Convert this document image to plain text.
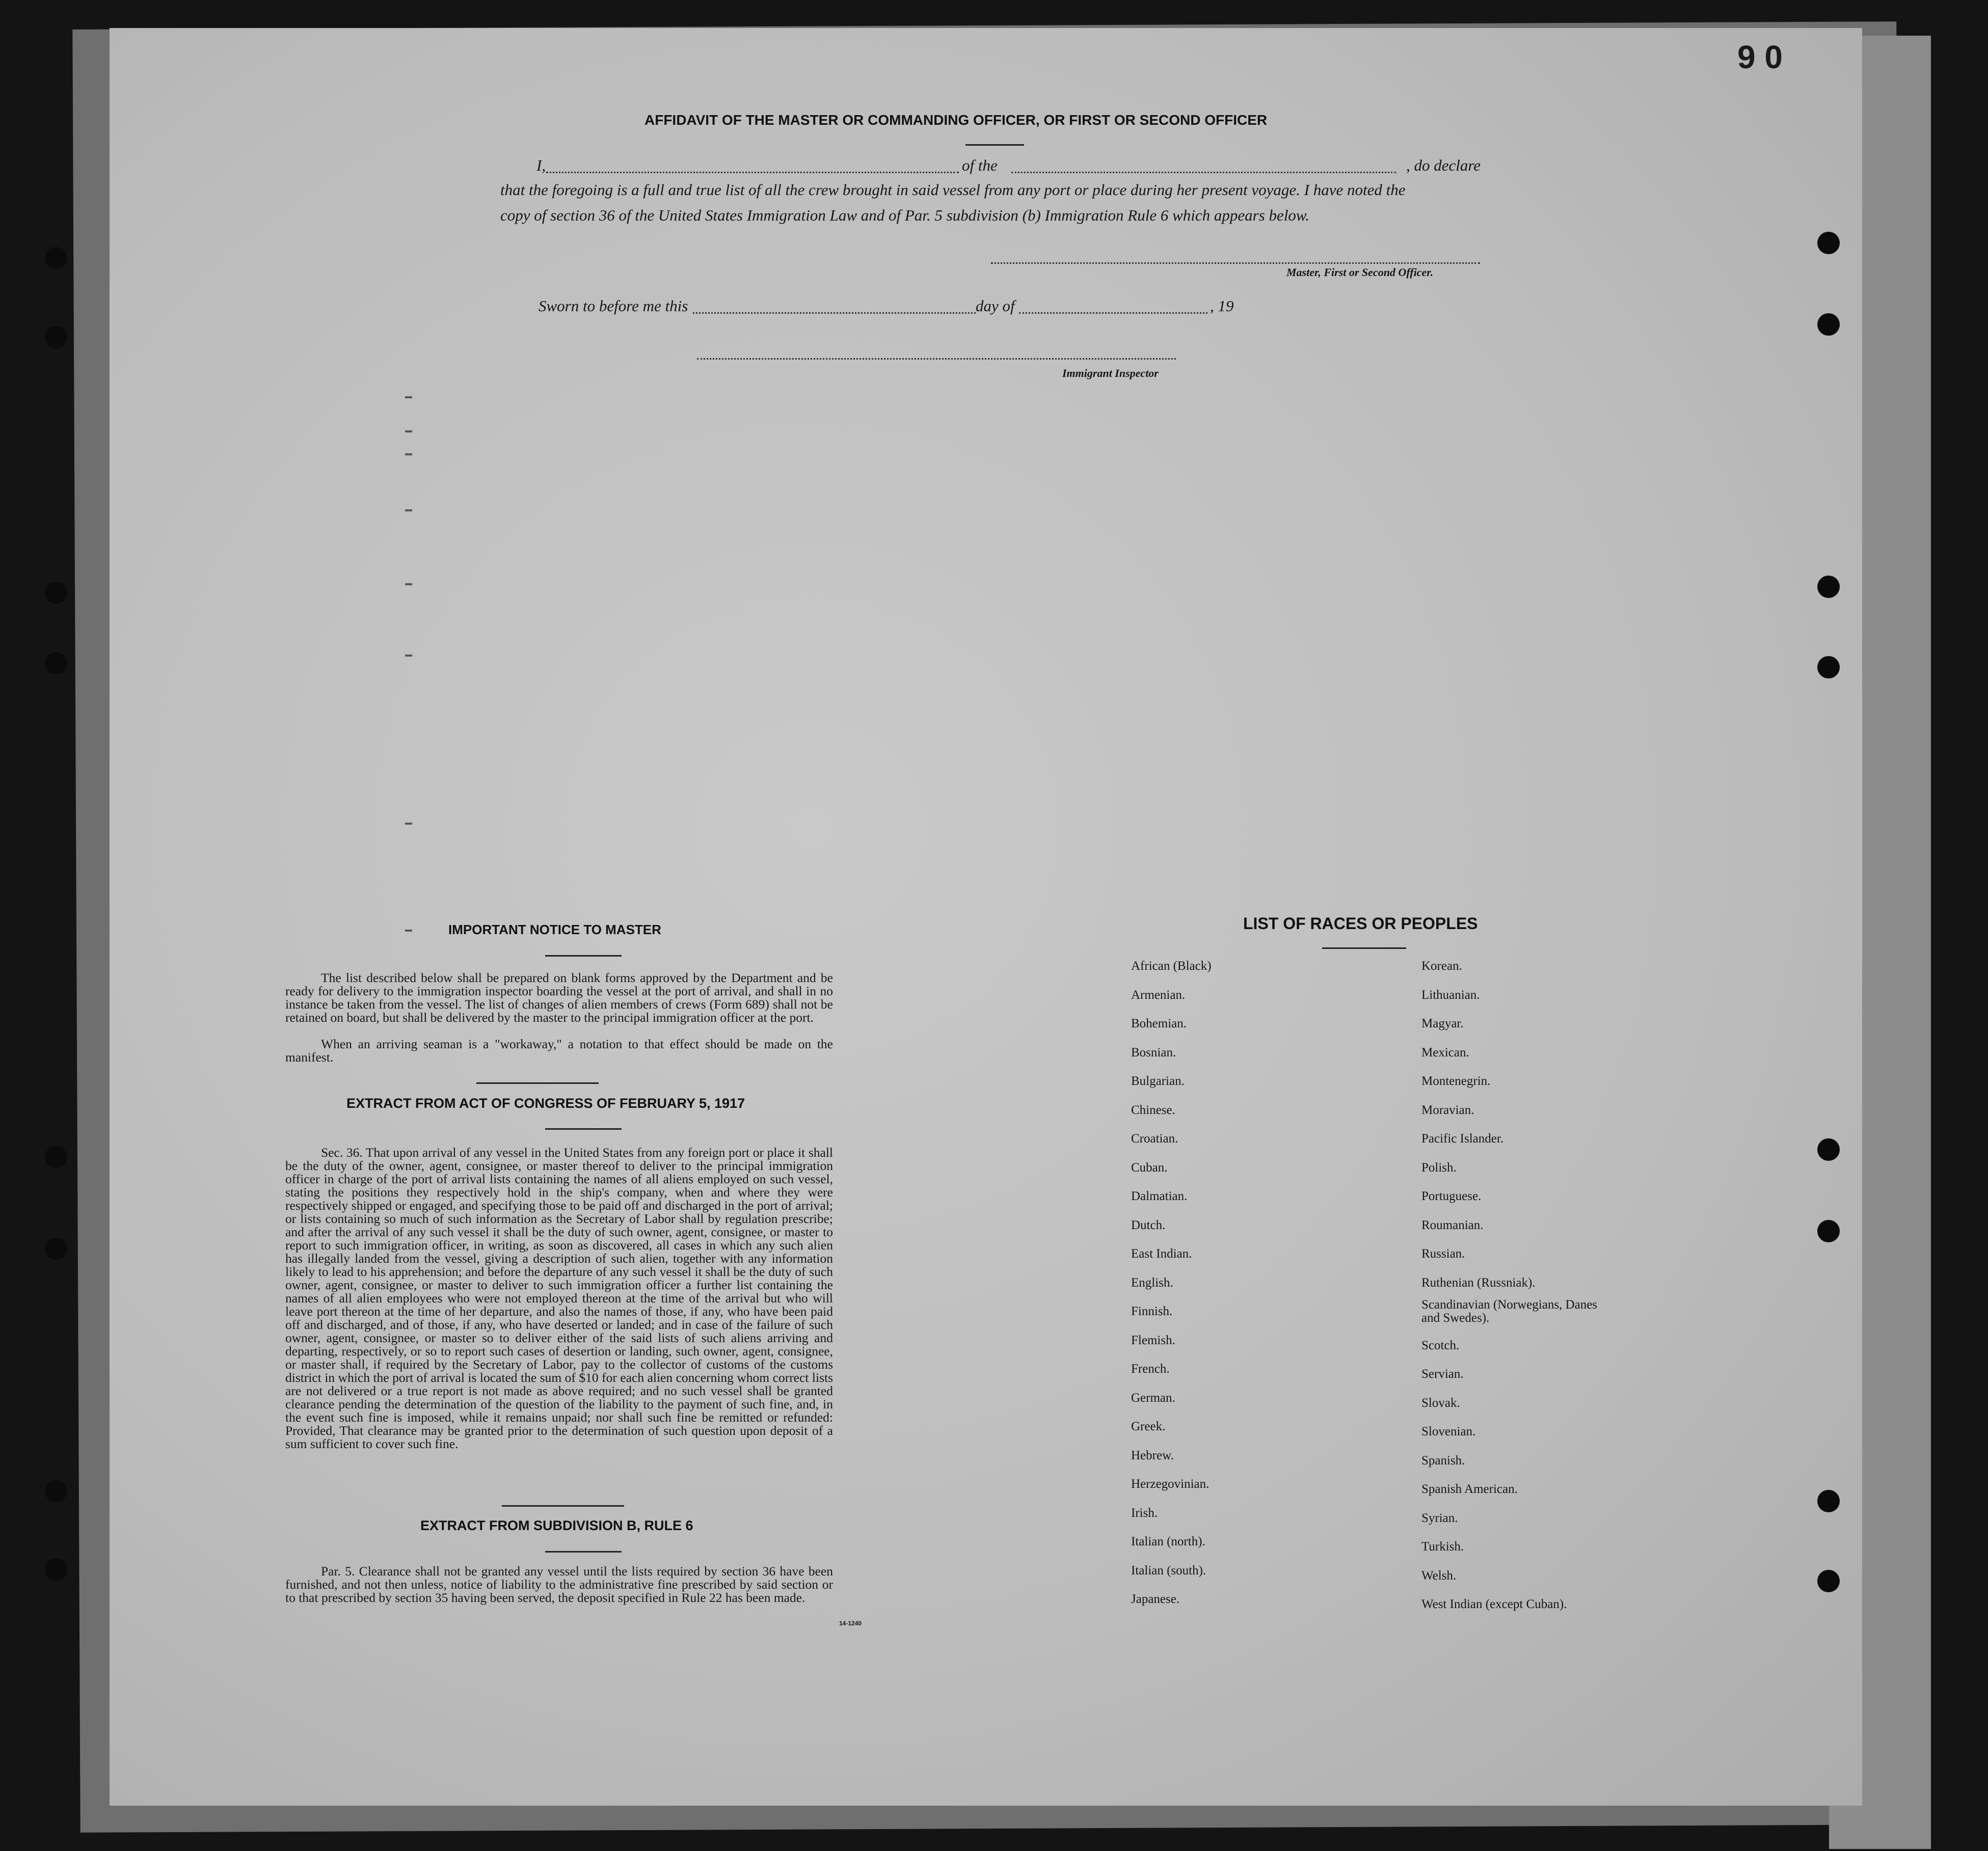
9 0
AFFIDAVIT OF THE MASTER OR COMMANDING OFFICER, OR FIRST OR SECOND OFFICER
I,	of the	, do declare
that the foregoing is a full and true list of all the crew brought in said vessel from any port or place during her present voyage. I have noted the
copy of section 36 of the United States Immigration Law and of Par. 5 subdivision (b) Immigration Rule 6 which appears below.
Master, First or Second Officer.
Sworn to before me this	day of	, 19
Immigrant Inspector
IMPORTANT NOTICE TO MASTER

The list described below shall be prepared on blank forms approved by the Department and be ready for delivery to the immigration inspector boarding the vessel at the port of arrival, and shall in no instance be taken from the vessel. The list of changes of alien members of crews (Form 689) shall not be retained on board, but shall be delivered by the master to the principal immigration officer at the port.

When an arriving seaman is a "workaway," a notation to that effect should be made on the manifest.

EXTRACT FROM ACT OF CONGRESS OF FEBRUARY 5, 1917

Sec. 36. That upon arrival of any vessel in the United States from any foreign port or place it shall be the duty of the owner, agent, consignee, or master thereof to deliver to the principal immigration officer in charge of the port of arrival lists containing the names of all aliens employed on such vessel, stating the positions they respectively hold in the ship's company, when and where they were respectively shipped or engaged, and specifying those to be paid off and discharged in the port of arrival; or lists containing so much of such information as the Secretary of Labor shall by regulation prescribe; and after the arrival of any such vessel it shall be the duty of such owner, agent, consignee, or master to report to such immigration officer, in writing, as soon as discovered, all cases in which any such alien has illegally landed from the vessel, giving a description of such alien, together with any information likely to lead to his apprehension; and before the departure of any such vessel it shall be the duty of such owner, agent, consignee, or master to deliver to such immigration officer a further list containing the names of all alien employees who were not employed thereon at the time of the arrival but who will leave port thereon at the time of her departure, and also the names of those, if any, who have been paid off and discharged, and of those, if any, who have deserted or landed; and in case of the failure of such owner, agent, consignee, or master so to deliver either of the said lists of such aliens arriving and departing, respectively, or so to report such cases of desertion or landing, such owner, agent, consignee, or master shall, if required by the Secretary of Labor, pay to the collector of customs of the customs district in which the port of arrival is located the sum of $10 for each alien concerning whom correct lists are not delivered or a true report is not made as above required; and no such vessel shall be granted clearance pending the determination of the question of the liability to the payment of such fine, and, in the event such fine is imposed, while it remains unpaid; nor shall such fine be remitted or refunded: Provided, That clearance may be granted prior to the determination of such question upon deposit of a sum sufficient to cover such fine.

EXTRACT FROM SUBDIVISION B, RULE 6

Par. 5. Clearance shall not be granted any vessel until the lists required by section 36 have been furnished, and not then unless, notice of liability to the administrative fine prescribed by said section or to that prescribed by section 35 having been served, the deposit specified in Rule 22 has been made.

14-1240
LIST OF RACES OR PEOPLES
African (Black)
Armenian.
Bohemian.
Bosnian.
Bulgarian.
Chinese.
Croatian.
Cuban.
Dalmatian.
Dutch.
East Indian.
English.
Finnish.
Flemish.
French.
German.
Greek.
Hebrew.
Herzegovinian.
Irish.
Italian (north).
Italian (south).
Japanese.
Korean.
Lithuanian.
Magyar.
Mexican.
Montenegrin.
Moravian.
Pacific Islander.
Polish.
Portuguese.
Roumanian.
Russian.
Ruthenian (Russniak).
Scandinavian (Norwegians, Danes and Swedes).
Scotch.
Servian.
Slovak.
Slovenian.
Spanish.
Spanish American.
Syrian.
Turkish.
Welsh.
West Indian (except Cuban).
